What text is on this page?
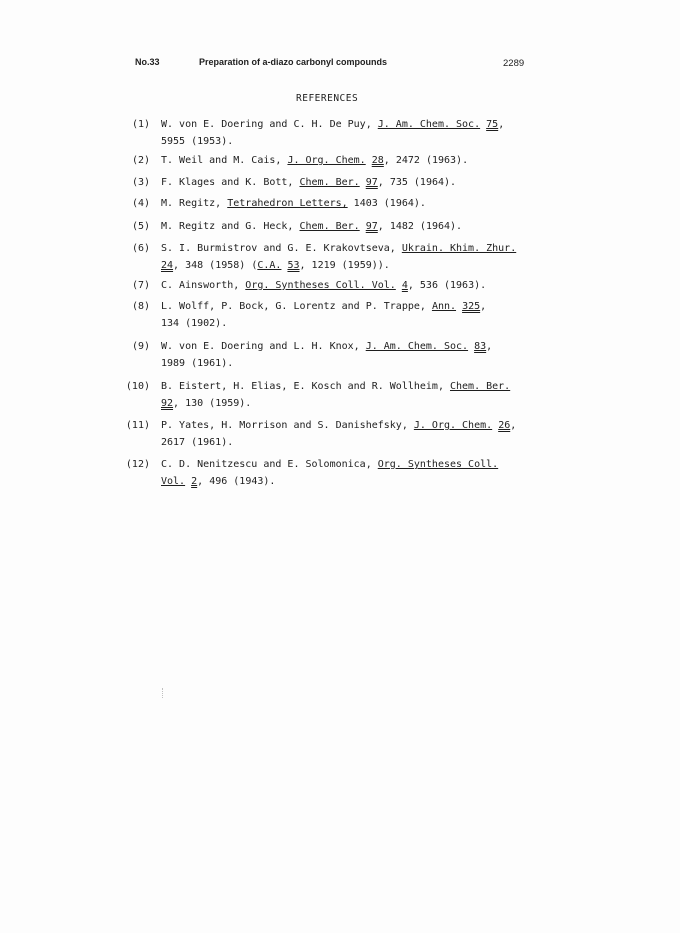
No.33	Preparation of a-diazo carbonyl compounds	2289
REFERENCES
(1) W. von E. Doering and C. H. De Puy, J. Am. Chem. Soc. 75,
5955 (1953).
(2) T. Weil and M. Cais, J. Org. Chem. 28, 2472 (1963).
(3) F. Klages and K. Bott, Chem. Ber. 97, 735 (1964).
(4) M. Regitz, Tetrahedron Letters, 1403 (1964).
(5) M. Regitz and G. Heck, Chem. Ber. 97, 1482 (1964).
(6) S. I. Burmistrov and G. E. Krakovtseva, Ukrain. Khim. Zhur.
24, 348 (1958) (C.A. 53, 1219 (1959)).
(7) C. Ainsworth, Org. Syntheses Coll. Vol. 4, 536 (1963).
(8) L. Wolff, P. Bock, G. Lorentz and P. Trappe, Ann. 325,
134 (1902).
(9) W. von E. Doering and L. H. Knox, J. Am. Chem. Soc. 83,
1989 (1961).
(10) B. Eistert, H. Elias, E. Kosch and R. Wollheim, Chem. Ber.
92, 130 (1959).
(11) P. Yates, H. Morrison and S. Danishefsky, J. Org. Chem. 26,
2617 (1961).
(12) C. D. Nenitzescu and E. Solomonica, Org. Syntheses Coll.
Vol. 2, 496 (1943).
